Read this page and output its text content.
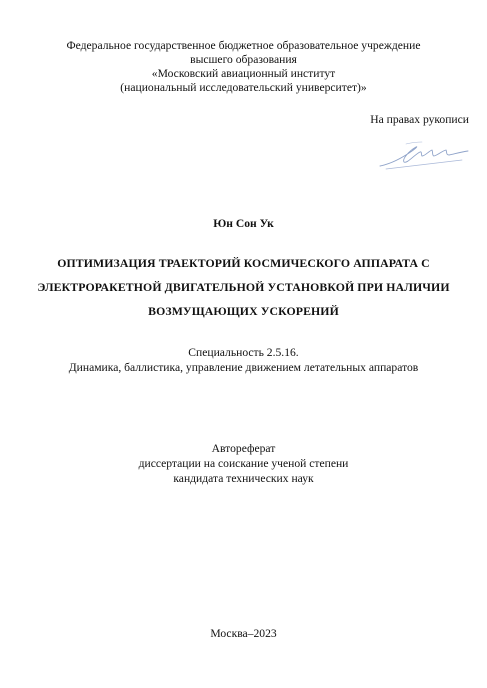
Федеральное государственное бюджетное образовательное учреждение
высшего образования
«Московский авиационный институт
(национальный исследовательский университет)»
На правах рукописи
Юн Сон Ук
ОПТИМИЗАЦИЯ ТРАЕКТОРИЙ КОСМИЧЕСКОГО АППАРАТА С
ЭЛЕКТРОРАКЕТНОЙ ДВИГАТЕЛЬНОЙ УСТАНОВКОЙ ПРИ НАЛИЧИИ
ВОЗМУЩАЮЩИХ УСКОРЕНИЙ
Специальность 2.5.16.
Динамика, баллистика, управление движением летательных аппаратов
Автореферат
диссертации на соискание ученой степени
кандидата технических наук
Москва–2023
